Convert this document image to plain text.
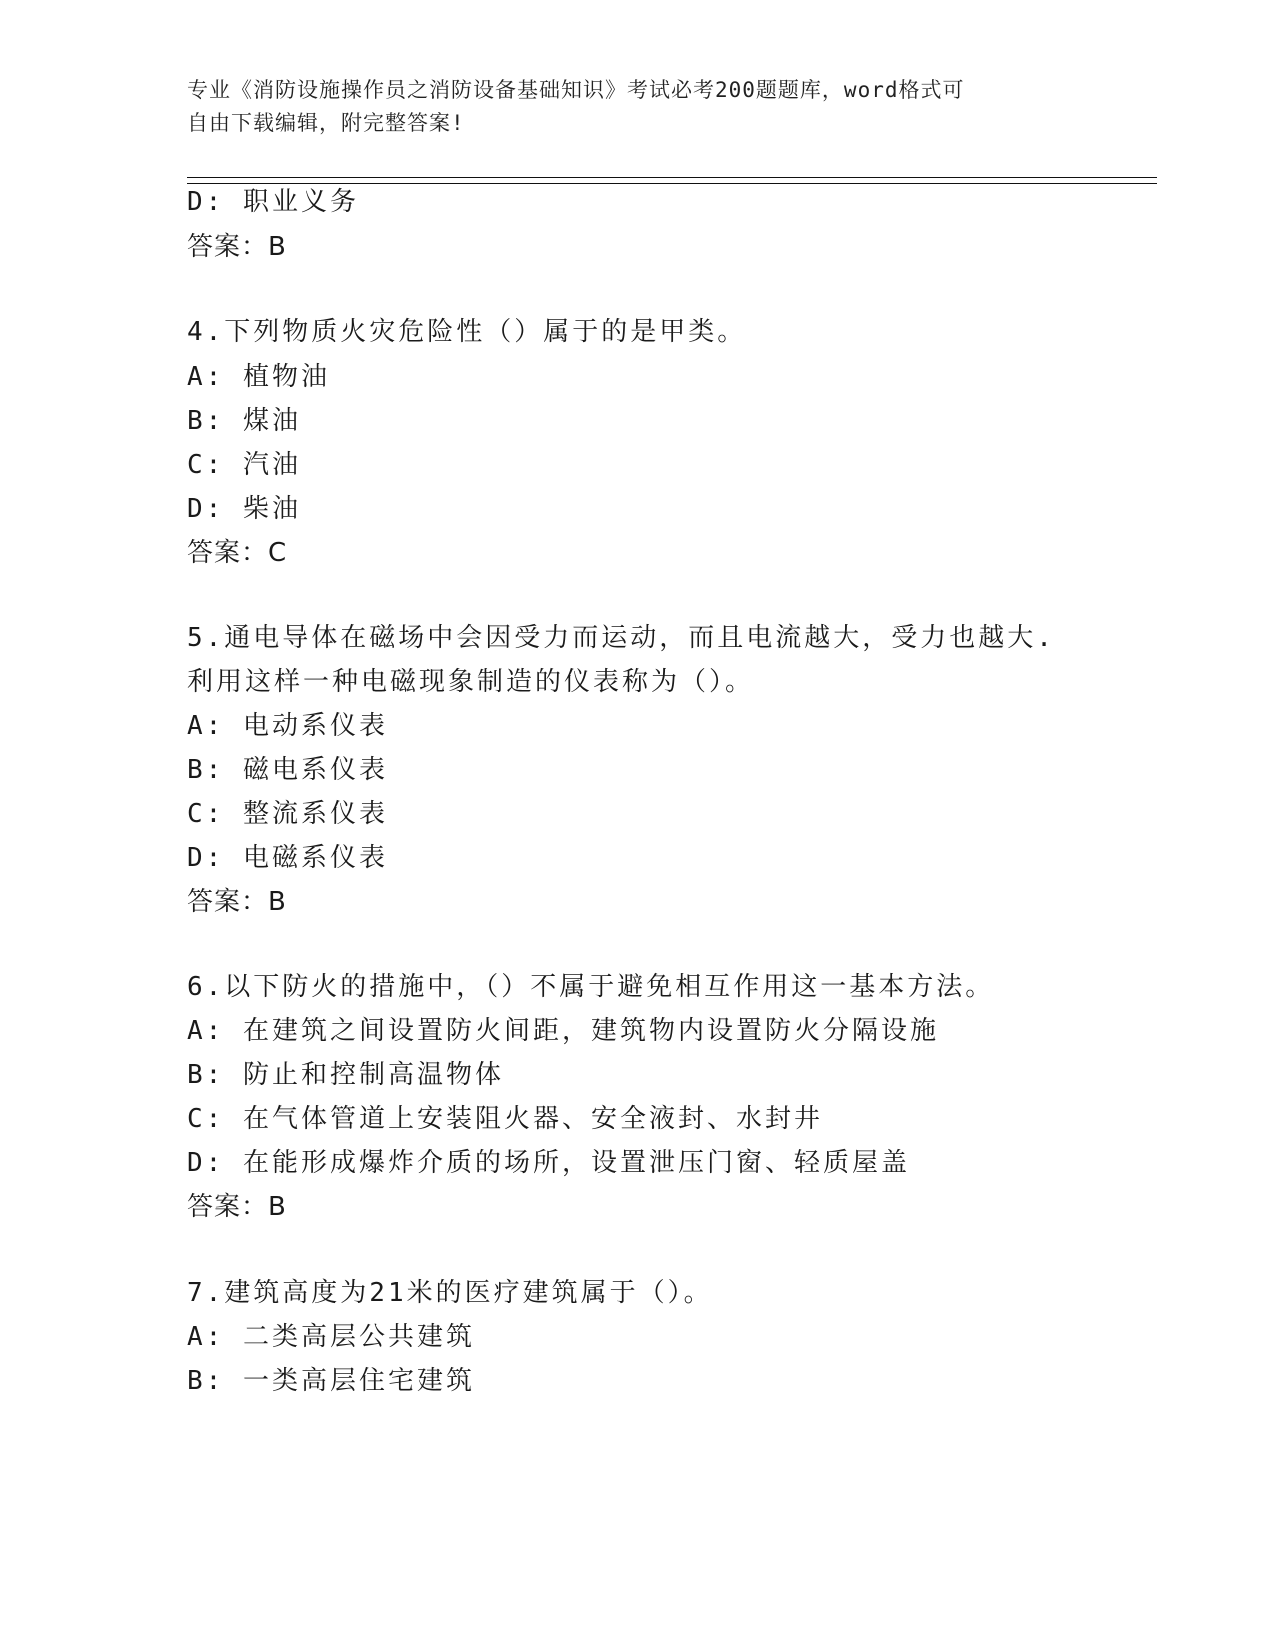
专业《消防设施操作员之消防设备基础知识》考试必考200题题库，word格式可
自由下载编辑，附完整答案!
D: 职业义务
答案：B
4.下列物质火灾危险性（）属于的是甲类。
A: 植物油
B: 煤油
C: 汽油
D: 柴油
答案：C
5.通电导体在磁场中会因受力而运动，而且电流越大，受力也越大.
利用这样一种电磁现象制造的仪表称为（）。
A: 电动系仪表
B: 磁电系仪表
C: 整流系仪表
D: 电磁系仪表
答案：B
6.以下防火的措施中，（）不属于避免相互作用这一基本方法。
A: 在建筑之间设置防火间距，建筑物内设置防火分隔设施
B: 防止和控制高温物体
C: 在气体管道上安装阻火器、安全液封、水封井
D: 在能形成爆炸介质的场所，设置泄压门窗、轻质屋盖
答案：B
7.建筑高度为21米的医疗建筑属于（）。
A: 二类高层公共建筑
B: 一类高层住宅建筑
